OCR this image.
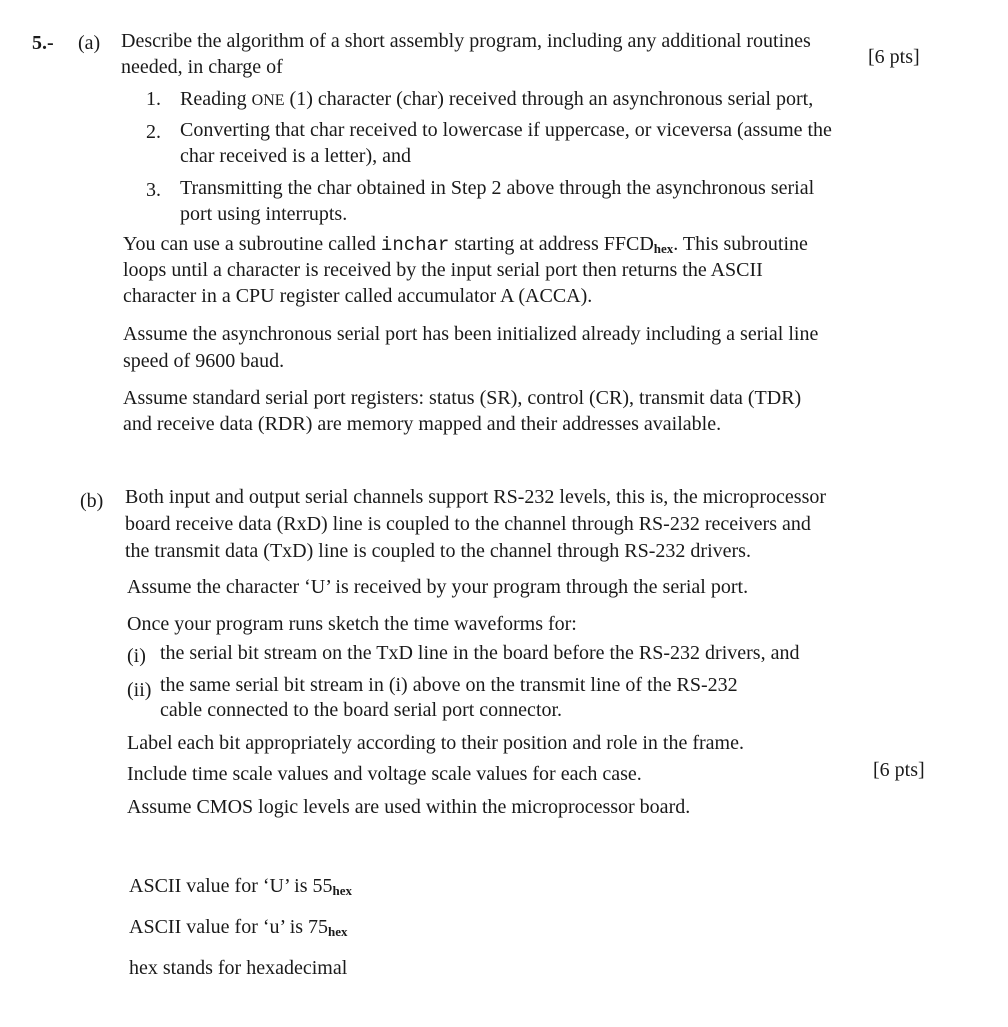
5.- (a) Describe the algorithm of a short assembly program, including any additional routines
needed, in charge of	[6 pts]
1. Reading ONE (1) character (char) received through an asynchronous serial port,
2. Converting that char received to lowercase if uppercase, or viceversa (assume the
char received is a letter), and
3. Transmitting the char obtained in Step 2 above through the asynchronous serial
port using interrupts.
You can use a subroutine called inchar starting at address $FFCD_{hex}$. This subroutine
loops until a character is received by the input serial port then returns the ASCII
character in a CPU register called accumulator A (ACCA).
Assume the asynchronous serial port has been initialized already including a serial line
speed of 9600 baud.
Assume standard serial port registers: status (SR), control (CR), transmit data (TDR)
and receive data (RDR) are memory mapped and their addresses available.
(b) Both input and output serial channels support RS-232 levels, this is, the microprocessor
board receive data (RxD) line is coupled to the channel through RS-232 receivers and
the transmit data (TxD) line is coupled to the channel through RS-232 drivers.
Assume the character ‘U’ is received by your program through the serial port.
Once your program runs sketch the time waveforms for:
(i) the serial bit stream on the TxD line in the board before the RS-232 drivers, and
(ii) the same serial bit stream in (i) above on the transmit line of the RS-232
cable connected to the board serial port connector.
Label each bit appropriately according to their position and role in the frame.
Include time scale values and voltage scale values for each case.	[6 pts]
Assume CMOS logic levels are used within the microprocessor board.
ASCII value for ‘U’ is $55_{hex}$
ASCII value for ‘u’ is $75_{hex}$
hex stands for hexadecimal
